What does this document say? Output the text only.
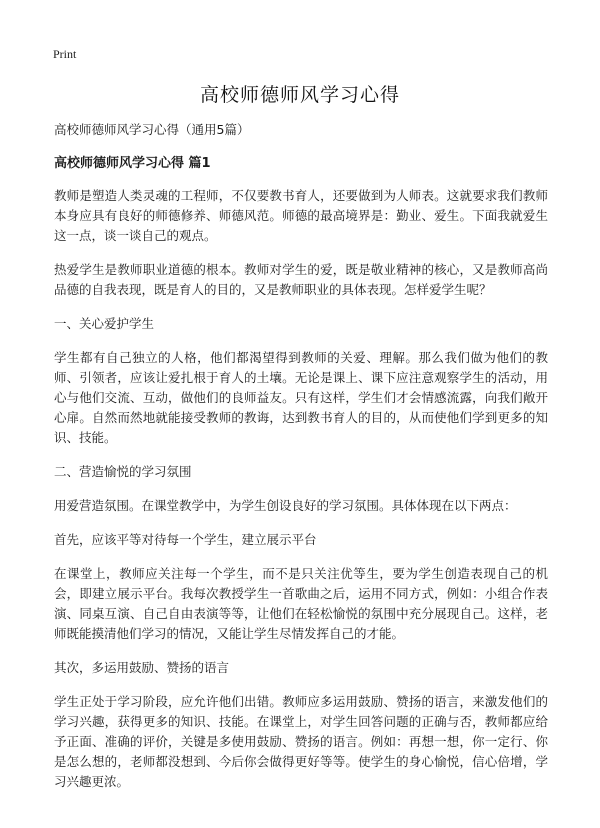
Print
高校师德师风学习心得
高校师德师风学习心得（通用5篇）
高校师德师风学习心得 篇1

教师是塑造人类灵魂的工程师，不仅要教书育人，还要做到为人师表。这就要求我们教师本身应具有良好的师德修养、师德风范。师德的最高境界是：勤业、爱生。下面我就爱生这一点，谈一谈自己的观点。

热爱学生是教师职业道德的根本。教师对学生的爱，既是敬业精神的核心，又是教师高尚品德的自我表现，既是育人的目的，又是教师职业的具体表现。怎样爱学生呢？

一、关心爱护学生

学生都有自己独立的人格，他们都渴望得到教师的关爱、理解。那么我们做为他们的教师、引领者，应该让爱扎根于育人的土壤。无论是课上、课下应注意观察学生的活动，用心与他们交流、互动，做他们的良师益友。只有这样，学生们才会情感流露，向我们敞开心扉。自然而然地就能接受教师的教诲，达到教书育人的目的，从而使他们学到更多的知识、技能。

二、营造愉悦的学习氛围

用爱营造氛围。在课堂教学中，为学生创设良好的学习氛围。具体体现在以下两点：

首先，应该平等对待每一个学生，建立展示平台

在课堂上，教师应关注每一个学生，而不是只关注优等生，要为学生创造表现自己的机会，即建立展示平台。我每次教授学生一首歌曲之后，运用不同方式，例如：小组合作表演、同桌互演、自己自由表演等等，让他们在轻松愉悦的氛围中充分展现自己。这样，老师既能摸清他们学习的情况，又能让学生尽情发挥自己的才能。

其次，多运用鼓励、赞扬的语言

学生正处于学习阶段，应允许他们出错。教师应多运用鼓励、赞扬的语言，来激发他们的学习兴趣，获得更多的知识、技能。在课堂上，对学生回答问题的正确与否，教师都应给予正面、准确的评价，关键是多使用鼓励、赞扬的语言。例如：再想一想，你一定行、你是怎么想的，老师都没想到、今后你会做得更好等等。使学生的身心愉悦，信心倍增，学习兴趣更浓。
